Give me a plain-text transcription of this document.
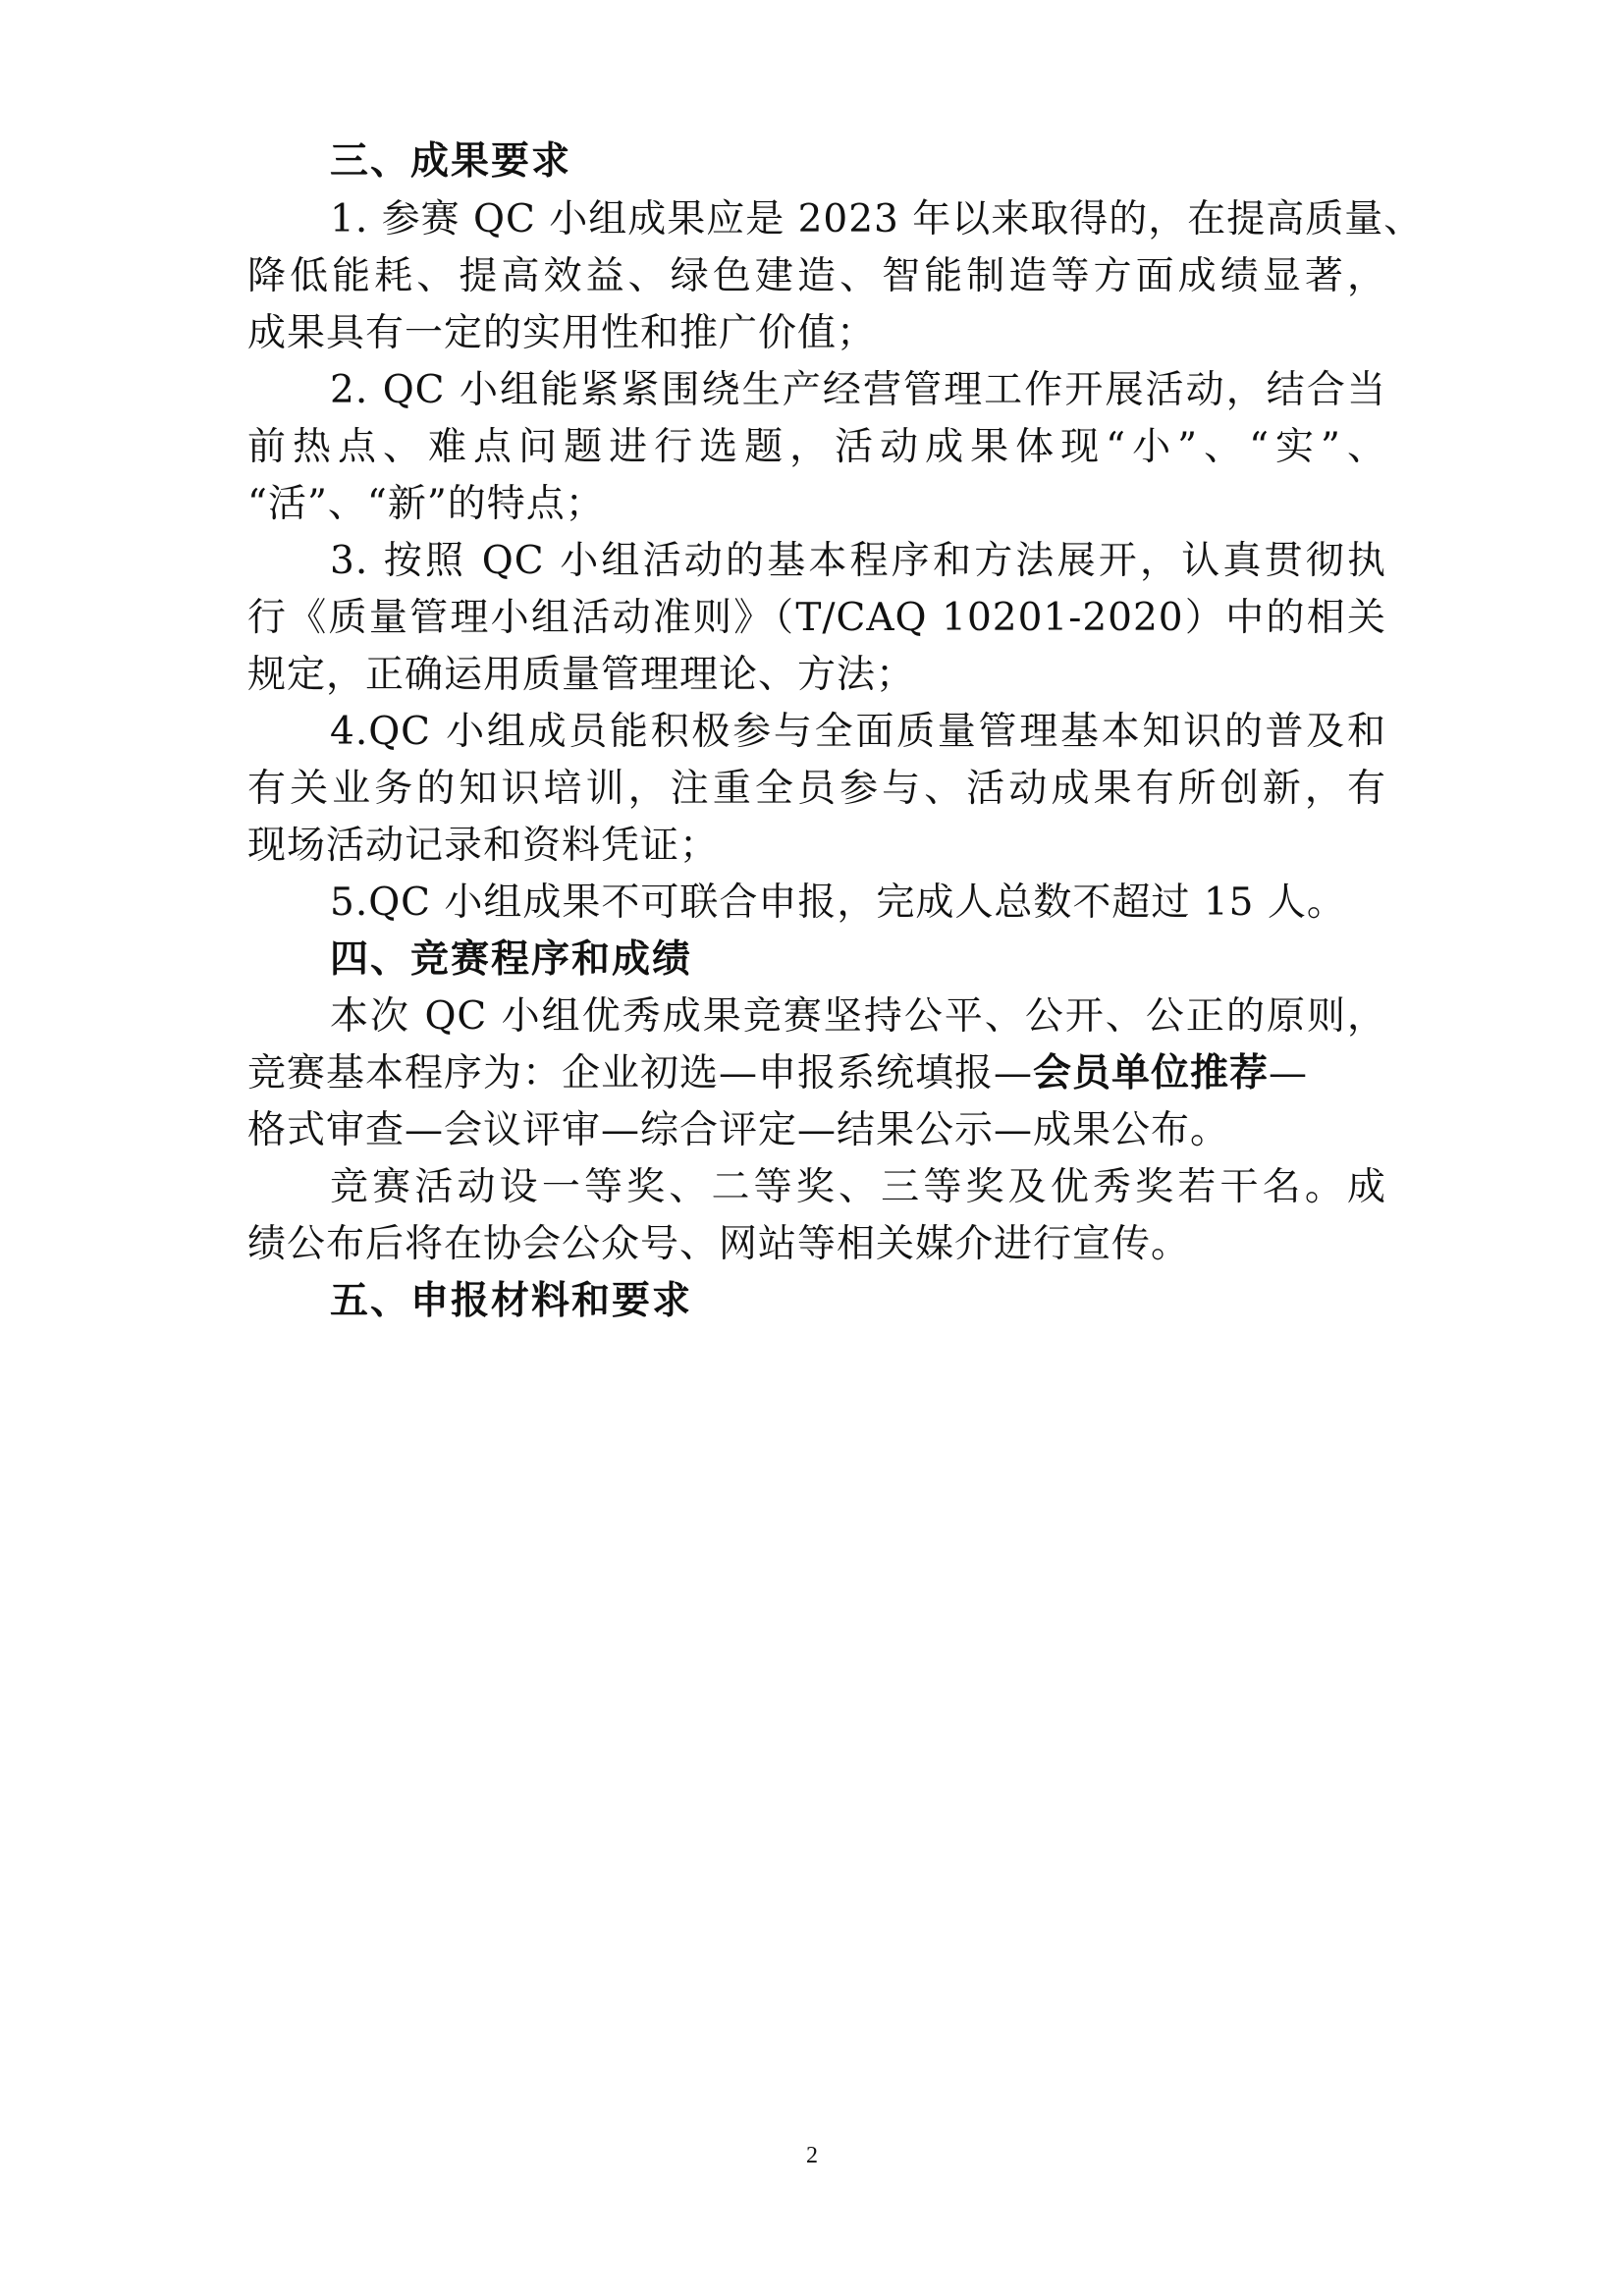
三、成果要求
1. 参赛 QC 小组成果应是 2023 年以来取得的，在提高质量、
降低能耗、提高效益、绿色建造、智能制造等方面成绩显著，
成果具有一定的实用性和推广价值；
2. QC 小组能紧紧围绕生产经营管理工作开展活动，结合当
前热点、难点问题进行选题，活动成果体现“小”、“实”、
“活”、“新”的特点；
3. 按照 QC 小组活动的基本程序和方法展开，认真贯彻执
行《质量管理小组活动准则》（T/CAQ 10201-2020）中的相关
规定，正确运用质量管理理论、方法；
4.QC 小组成员能积极参与全面质量管理基本知识的普及和
有关业务的知识培训，注重全员参与、活动成果有所创新，有
现场活动记录和资料凭证；
5.QC 小组成果不可联合申报，完成人总数不超过 15 人。
四、竞赛程序和成绩
本次 QC 小组优秀成果竞赛坚持公平、公开、公正的原则，
竞赛基本程序为：企业初选—申报系统填报—会员单位推荐—
格式审查—会议评审—综合评定—结果公示—成果公布。
竞赛活动设一等奖、二等奖、三等奖及优秀奖若干名。成
绩公布后将在协会公众号、网站等相关媒介进行宣传。
五、申报材料和要求
2
